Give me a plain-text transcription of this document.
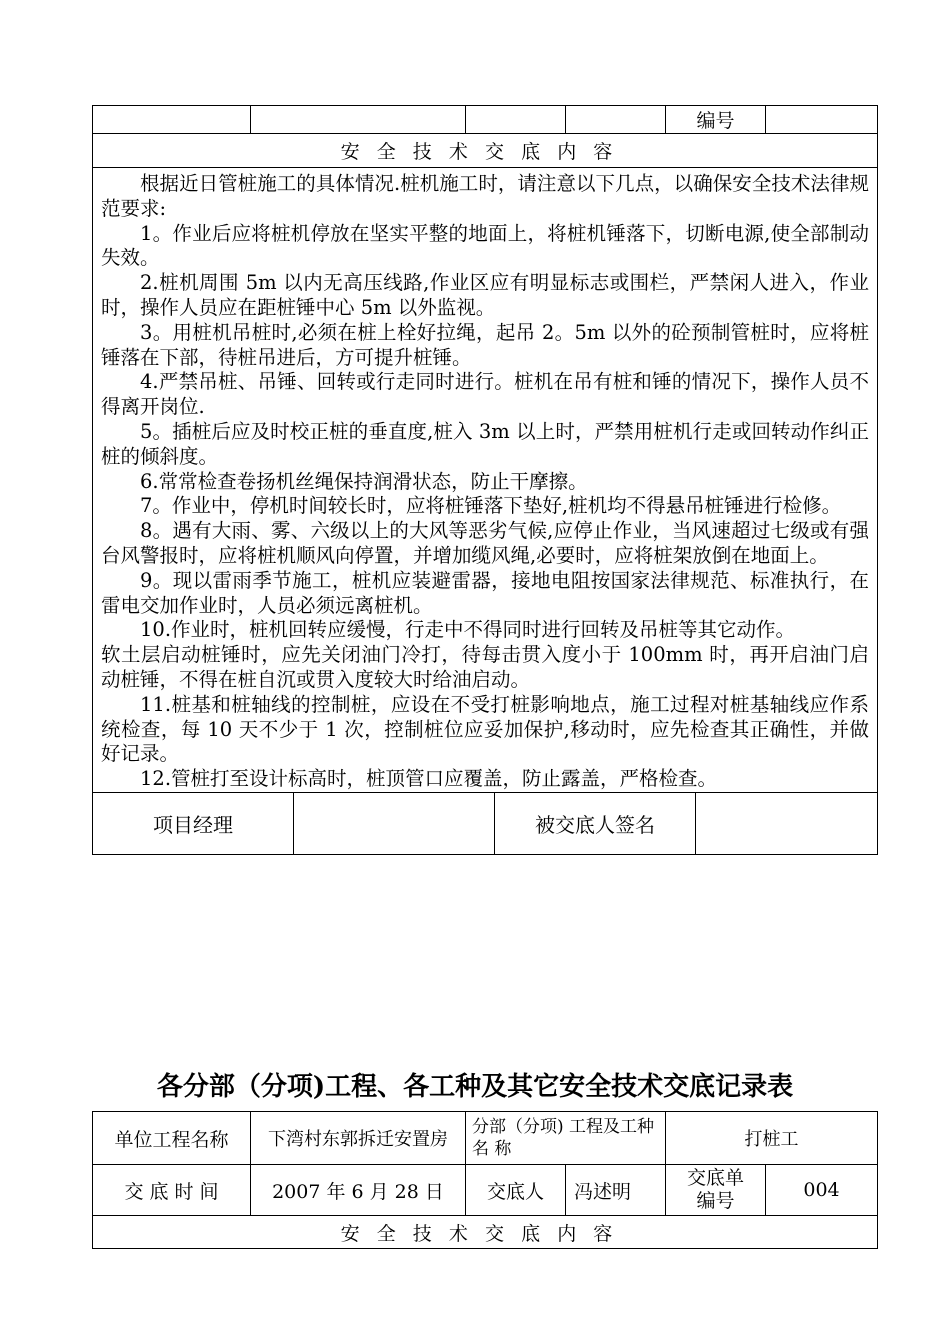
				编号	
安全技术交底内容

根据近日管桩施工的具体情况.桩机施工时，请注意以下几点，以确保安全技术法律规范要求:

1。作业后应将桩机停放在坚实平整的地面上，将桩机锤落下，切断电源,使全部制动失效。

2.桩机周围 5m 以内无高压线路,作业区应有明显标志或围栏，严禁闲人进入，作业时，操作人员应在距桩锤中心 5m 以外监视。

3。用桩机吊桩时,必须在桩上栓好拉绳，起吊 2。5m 以外的砼预制管桩时，应将桩锤落在下部，待桩吊进后，方可提升桩锤。

4.严禁吊桩、吊锤、回转或行走同时进行。桩机在吊有桩和锤的情况下，操作人员不得离开岗位.

5。插桩后应及时校正桩的垂直度,桩入 3m 以上时，严禁用桩机行走或回转动作纠正桩的倾斜度。

6.常常检查卷扬机丝绳保持润滑状态，防止干摩擦。

7。作业中，停机时间较长时，应将桩锤落下垫好,桩机均不得悬吊桩锤进行检修。

8。遇有大雨、雾、六级以上的大风等恶劣气候,应停止作业，当风速超过七级或有强台风警报时，应将桩机顺风向停置，并增加缆风绳,必要时，应将桩架放倒在地面上。

9。现以雷雨季节施工，桩机应装避雷器，接地电阻按国家法律规范、标准执行，在雷电交加作业时，人员必须远离桩机。

10.作业时，桩机回转应缓慢，行走中不得同时进行回转及吊桩等其它动作。

软土层启动桩锤时，应先关闭油门冷打，待每击贯入度小于 100mm 时，再开启油门启动桩锤，不得在桩自沉或贯入度较大时给油启动。

11.桩基和桩轴线的控制桩，应设在不受打桩影响地点，施工过程对桩基轴线应作系统检查，每 10 天不少于 1 次，控制桩位应妥加保护,移动时，应先检查其正确性，并做好记录。

12.管桩打至设计标高时，桩顶管口应覆盖，防止露盖，严格检查。

项目经理		被交底人签名	
各分部（分项)工程、各工种及其它安全技术交底记录表
单位工程名称	下湾村东郭拆迁安置房	分部（分项) 工程及工种 名 称		打桩工	
交 底 时 间	2007 年 6 月 28 日	交底人	冯述明	交底单编号	004
安全技术交底内容					
